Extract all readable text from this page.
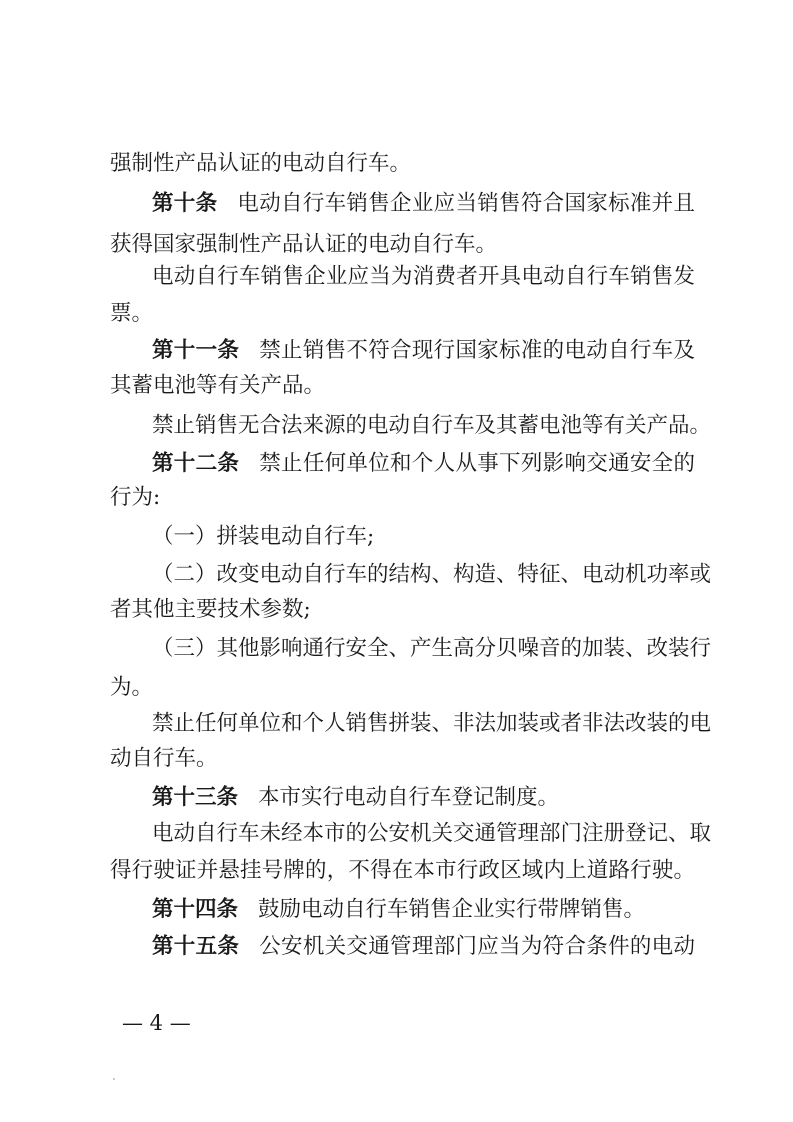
强制性产品认证的电动自行车。
第十条 电动自行车销售企业应当销售符合国家标准并且
获得国家强制性产品认证的电动自行车。
电动自行车销售企业应当为消费者开具电动自行车销售发
票。
第十一条 禁止销售不符合现行国家标准的电动自行车及
其蓄电池等有关产品。
禁止销售无合法来源的电动自行车及其蓄电池等有关产品。
第十二条 禁止任何单位和个人从事下列影响交通安全的
行为:
（一）拼装电动自行车;
（二）改变电动自行车的结构、构造、特征、电动机功率或
者其他主要技术参数;
（三）其他影响通行安全、产生高分贝噪音的加装、改装行
为。
禁止任何单位和个人销售拼装、非法加装或者非法改装的电
动自行车。
第十三条 本市实行电动自行车登记制度。
电动自行车未经本市的公安机关交通管理部门注册登记、取
得行驶证并悬挂号牌的，不得在本市行政区域内上道路行驶。
第十四条 鼓励电动自行车销售企业实行带牌销售。
第十五条 公安机关交通管理部门应当为符合条件的电动
— 4 —
